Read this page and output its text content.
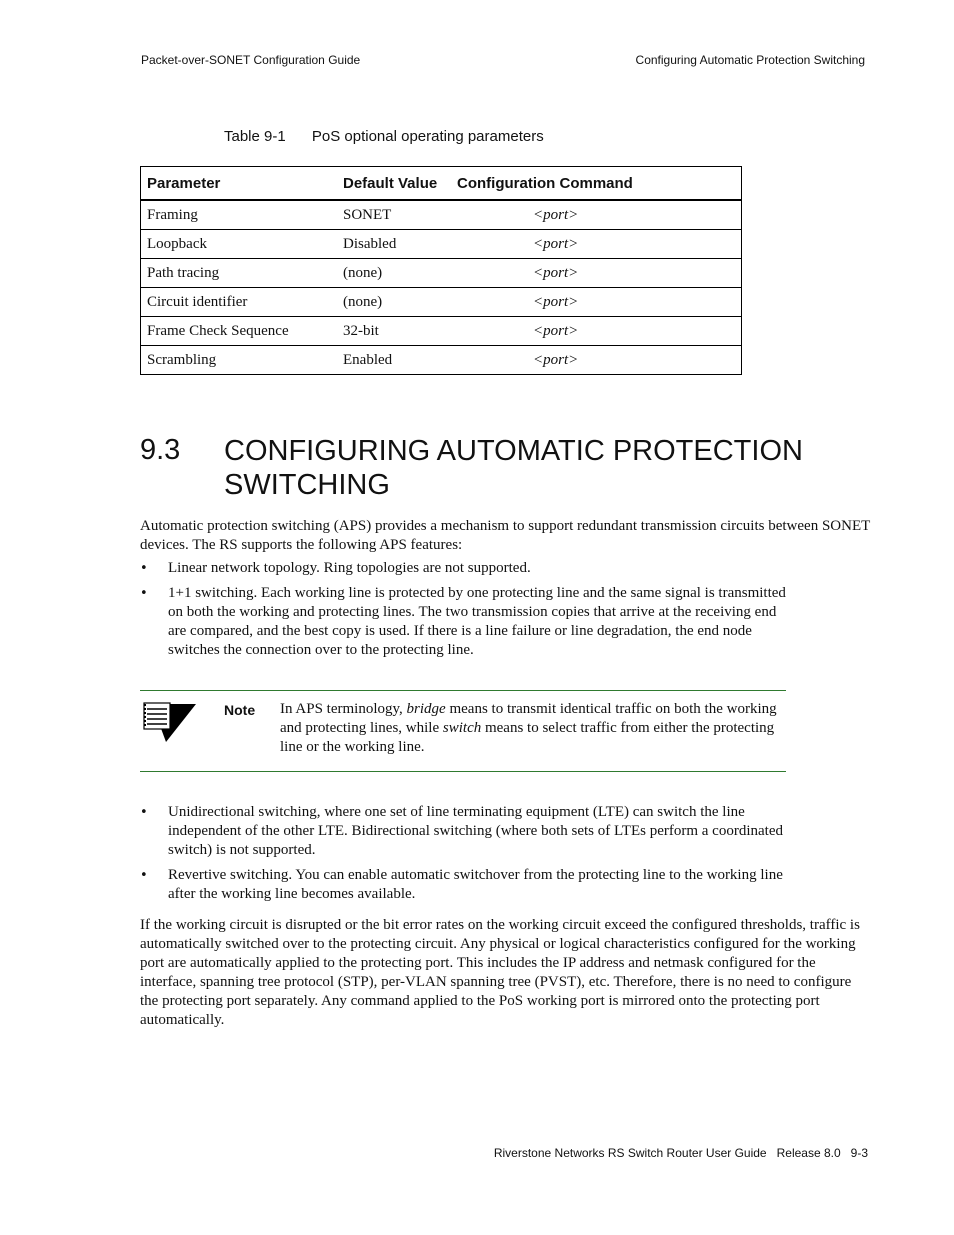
Packet-over-SONET Configuration Guide	Configuring Automatic Protection Switching
Table 9-1 PoS optional operating parameters
Parameter	Default Value	Configuration Command
Framing	SONET	<port>
Loopback	Disabled	<port>
Path tracing	(none)	<port>
Circuit identifier	(none)	<port>
Frame Check Sequence	32-bit	<port>
Scrambling	Enabled	<port>
9.3 CONFIGURING AUTOMATIC PROTECTION
SWITCHING
Automatic protection switching (APS) provides a mechanism to support redundant transmission circuits between SONET devices. The RS supports the following APS features:
• Linear network topology. Ring topologies are not supported.
• 1+1 switching. Each working line is protected by one protecting line and the same signal is transmitted on both the working and protecting lines. The two transmission copies that arrive at the receiving end are compared, and the best copy is used. If there is a line failure or line degradation, the end node switches the connection over to the protecting line.
Note In APS terminology, bridge means to transmit identical traffic on both the working and protecting lines, while switch means to select traffic from either the protecting line or the working line.
• Unidirectional switching, where one set of line terminating equipment (LTE) can switch the line independent of the other LTE. Bidirectional switching (where both sets of LTEs perform a coordinated switch) is not supported.
• Revertive switching. You can enable automatic switchover from the protecting line to the working line after the working line becomes available.
If the working circuit is disrupted or the bit error rates on the working circuit exceed the configured thresholds, traffic is automatically switched over to the protecting circuit. Any physical or logical characteristics configured for the working port are automatically applied to the protecting port. This includes the IP address and netmask configured for the interface, spanning tree protocol (STP), per-VLAN spanning tree (PVST), etc. Therefore, there is no need to configure the protecting port separately. Any command applied to the PoS working port is mirrored onto the protecting port automatically.
Riverstone Networks RS Switch Router User Guide   Release 8.0   9-3
